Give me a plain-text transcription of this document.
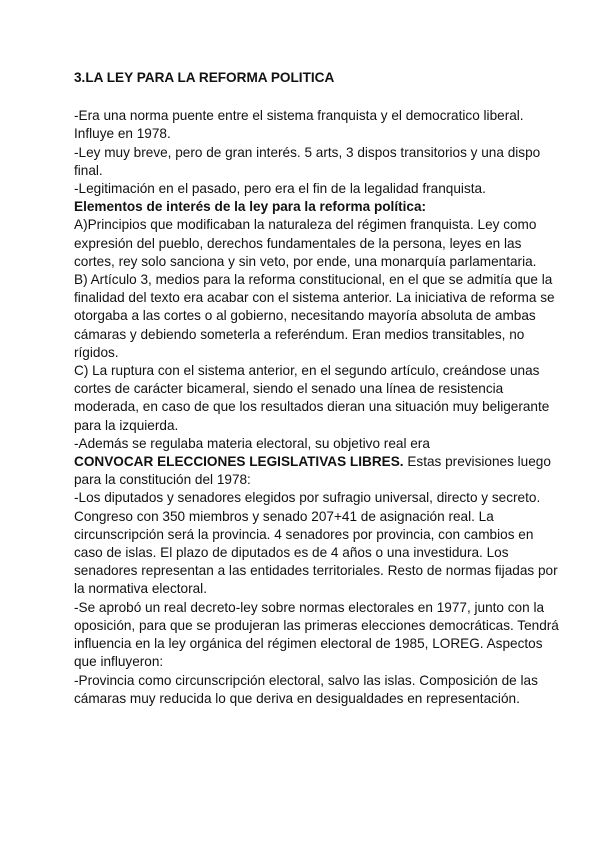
3.LA LEY PARA LA REFORMA POLITICA

-Era una norma puente entre el sistema franquista y el democratico liberal. Influye en 1978.

-Ley muy breve, pero de gran interés. 5 arts, 3 dispos transitorios y una dispo final.

-Legitimación en el pasado, pero era el fin de la legalidad franquista.

Elementos de interés de la ley para la reforma política:

A)Principios que modificaban la naturaleza del régimen franquista. Ley como expresión del pueblo, derechos fundamentales de la persona, leyes en las cortes, rey solo sanciona y sin veto, por ende, una monarquía parlamentaria.

B) Artículo 3, medios para la reforma constitucional, en el que se admitía que la finalidad del texto era acabar con el sistema anterior. La iniciativa de reforma se otorgaba a las cortes o al gobierno, necesitando mayoría absoluta de ambas cámaras y debiendo someterla a referéndum. Eran medios transitables, no rígidos.

C) La ruptura con el sistema anterior, en el segundo artículo, creándose unas cortes de carácter bicameral, siendo el senado una línea de resistencia moderada, en caso de que los resultados dieran una situación muy beligerante para la izquierda.

-Además se regulaba materia electoral, su objetivo real era

CONVOCAR ELECCIONES LEGISLATIVAS LIBRES. Estas previsiones luego para la constitución del 1978:

-Los diputados y senadores elegidos por sufragio universal, directo y secreto. Congreso con 350 miembros y senado 207+41 de asignación real. La circunscripción será la provincia. 4 senadores por provincia, con cambios en caso de islas. El plazo de diputados es de 4 años o una investidura. Los senadores representan a las entidades territoriales. Resto de normas fijadas por la normativa electoral.

-Se aprobó un real decreto-ley sobre normas electorales en 1977, junto con la oposición, para que se produjeran las primeras elecciones democráticas. Tendrá influencia en la ley orgánica del régimen electoral de 1985, LOREG. Aspectos que influyeron:

-Provincia como circunscripción electoral, salvo las islas. Composición de las cámaras muy reducida lo que deriva en desigualdades en representación.
